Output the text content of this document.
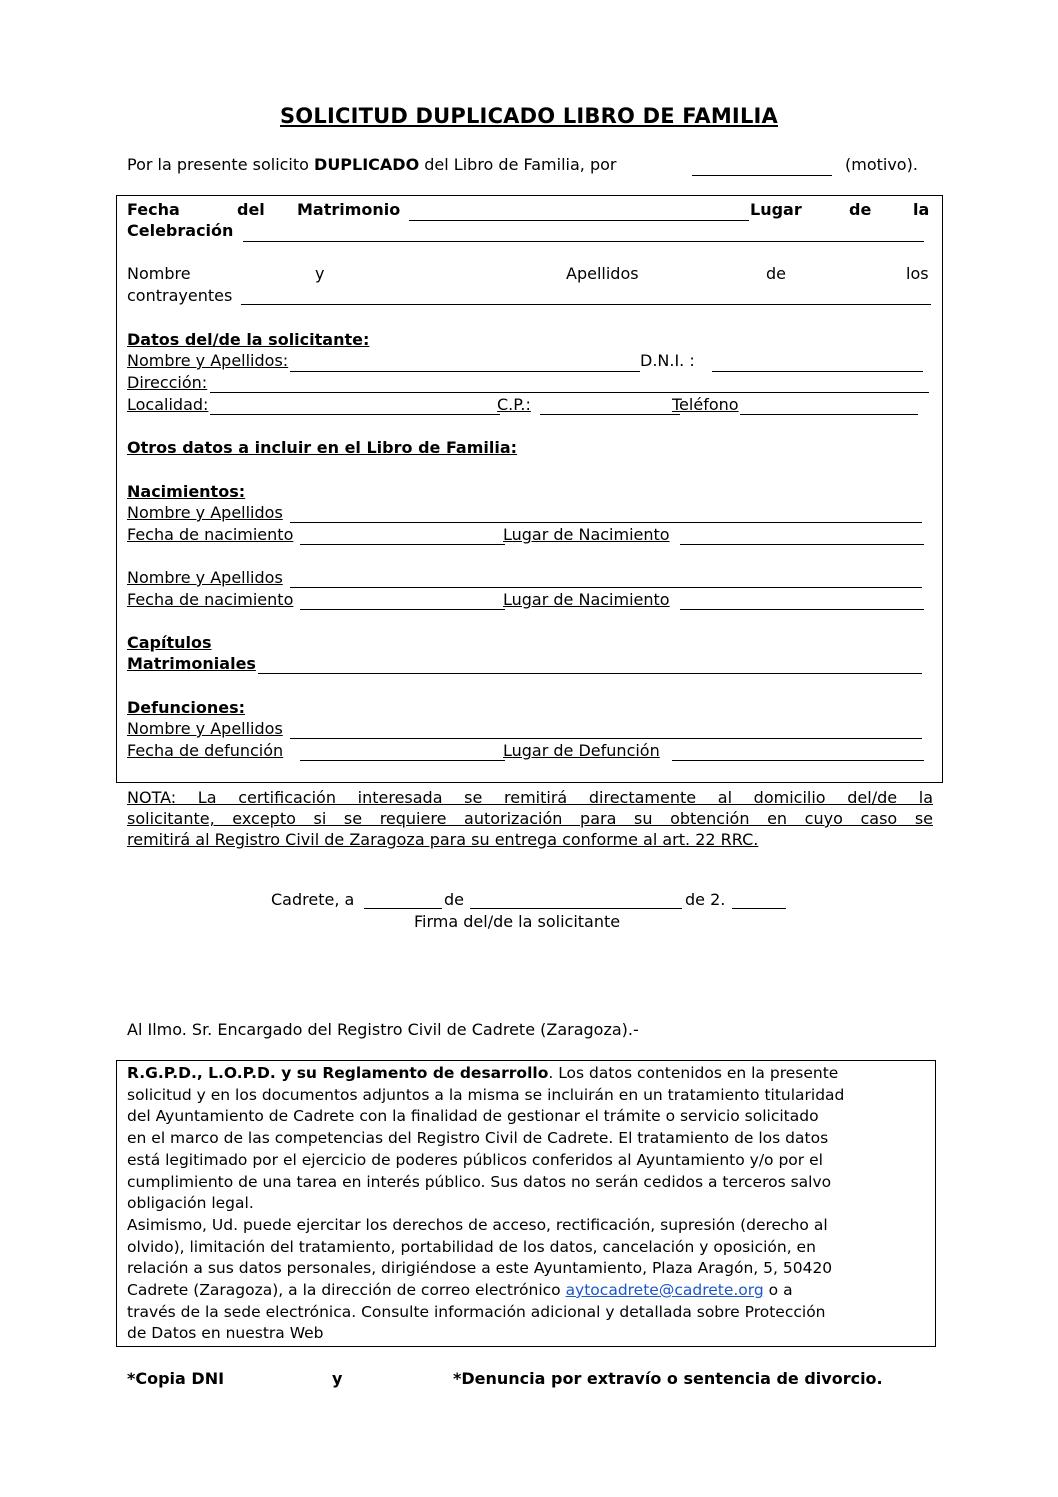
SOLICITUD DUPLICADO LIBRO DE FAMILIA
Por la presente solicito DUPLICADO del Libro de Familia, por	(motivo).
Fecha	del Matrimonio	Lugar	de	la
Celebración
Nombre	y	Apellidos	de	los
contrayentes
Datos del/de la solicitante:
Nombre y Apellidos:	D.N.I. :
Dirección:
Localidad:	C.P.:	Teléfono
Otros datos a incluir en el Libro de Familia:
Nacimientos:
Nombre y Apellidos
Fecha de nacimiento	Lugar de Nacimiento
Nombre y Apellidos
Fecha de nacimiento	Lugar de Nacimiento
Capítulos
Matrimoniales
Defunciones:
Nombre y Apellidos
Fecha de defunción	Lugar de Defunción
NOTA: La certificación interesada se remitirá directamente al domicilio del/de la
solicitante, excepto si se requiere autorización para su obtención en cuyo caso se
remitirá al Registro Civil de Zaragoza para su entrega conforme al art. 22 RRC.
Cadrete, a	de	de 2.
Firma del/de la solicitante
Al Ilmo. Sr. Encargado del Registro Civil de Cadrete (Zaragoza).-
R.G.P.D., L.O.P.D. y su Reglamento de desarrollo. Los datos contenidos en la presente
solicitud y en los documentos adjuntos a la misma se incluirán en un tratamiento titularidad
del Ayuntamiento de Cadrete con la finalidad de gestionar el trámite o servicio solicitado
en el marco de las competencias del Registro Civil de Cadrete. El tratamiento de los datos
está legitimado por el ejercicio de poderes públicos conferidos al Ayuntamiento y/o por el
cumplimiento de una tarea en interés público. Sus datos no serán cedidos a terceros salvo
obligación legal.
Asimismo, Ud. puede ejercitar los derechos de acceso, rectificación, supresión (derecho al
olvido), limitación del tratamiento, portabilidad de los datos, cancelación y oposición, en
relación a sus datos personales, dirigiéndose a este Ayuntamiento, Plaza Aragón, 5, 50420
Cadrete (Zaragoza), a la dirección de correo electrónico aytocadrete@cadrete.org o a
través de la sede electrónica. Consulte información adicional y detallada sobre Protección
de Datos en nuestra Web
*Copia DNI	y	*Denuncia por extravío o sentencia de divorcio.
